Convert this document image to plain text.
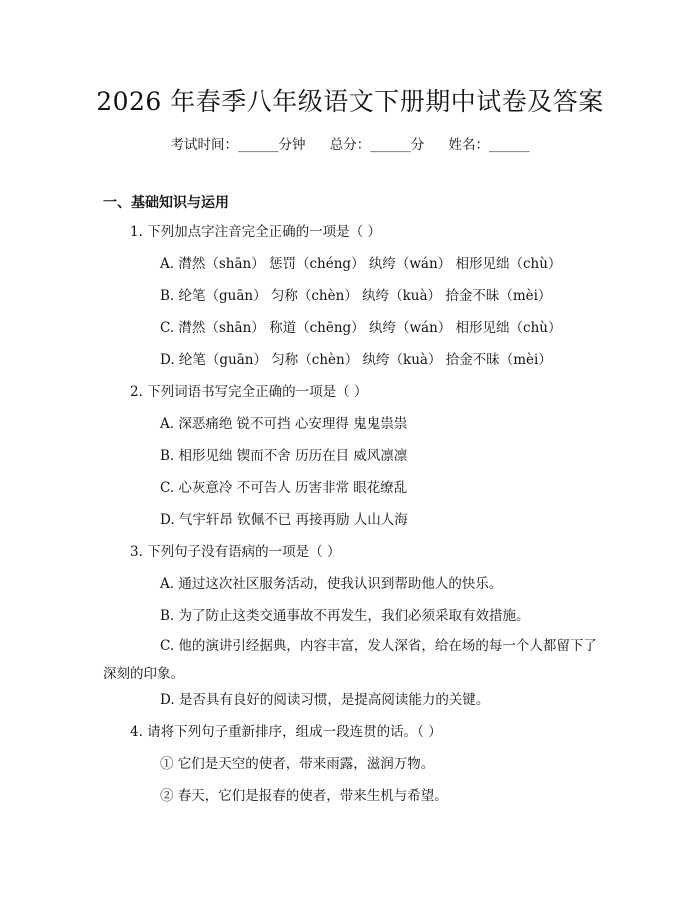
2026 年春季八年级语文下册期中试卷及答案
考试时间：______分钟 总分：______分 姓名：______
一、基础知识与运用
1. 下列加点字注音完全正确的一项是（ ）
A. 潸然（shān） 惩罚（chéng） 纨绔（wán） 相形见绌（chù）
B. 纶笔（guān） 匀称（chèn） 纨绔（kuà） 拾金不昧（mèi）
C. 潸然（shān） 称道（chēng） 纨绔（wán） 相形见绌（chù）
D. 纶笔（guān） 匀称（chèn） 纨绔（kuà） 拾金不昧（mèi）
2. 下列词语书写完全正确的一项是（ ）
A. 深恶痛绝 锐不可挡 心安理得 鬼鬼祟祟
B. 相形见绌 锲而不舍 历历在目 威风凛凛
C. 心灰意冷 不可告人 历害非常 眼花缭乱
D. 气宇轩昂 钦佩不已 再接再励 人山人海
3. 下列句子没有语病的一项是（ ）
A. 通过这次社区服务活动，使我认识到帮助他人的快乐。
B. 为了防止这类交通事故不再发生，我们必须采取有效措施。
C. 他的演讲引经据典，内容丰富，发人深省，给在场的每一个人都留下了深刻的印象。
D. 是否具有良好的阅读习惯，是提高阅读能力的关键。
4. 请将下列句子重新排序，组成一段连贯的话。（ ）
① 它们是天空的使者，带来雨露，滋润万物。
② 春天，它们是报春的使者，带来生机与希望。
